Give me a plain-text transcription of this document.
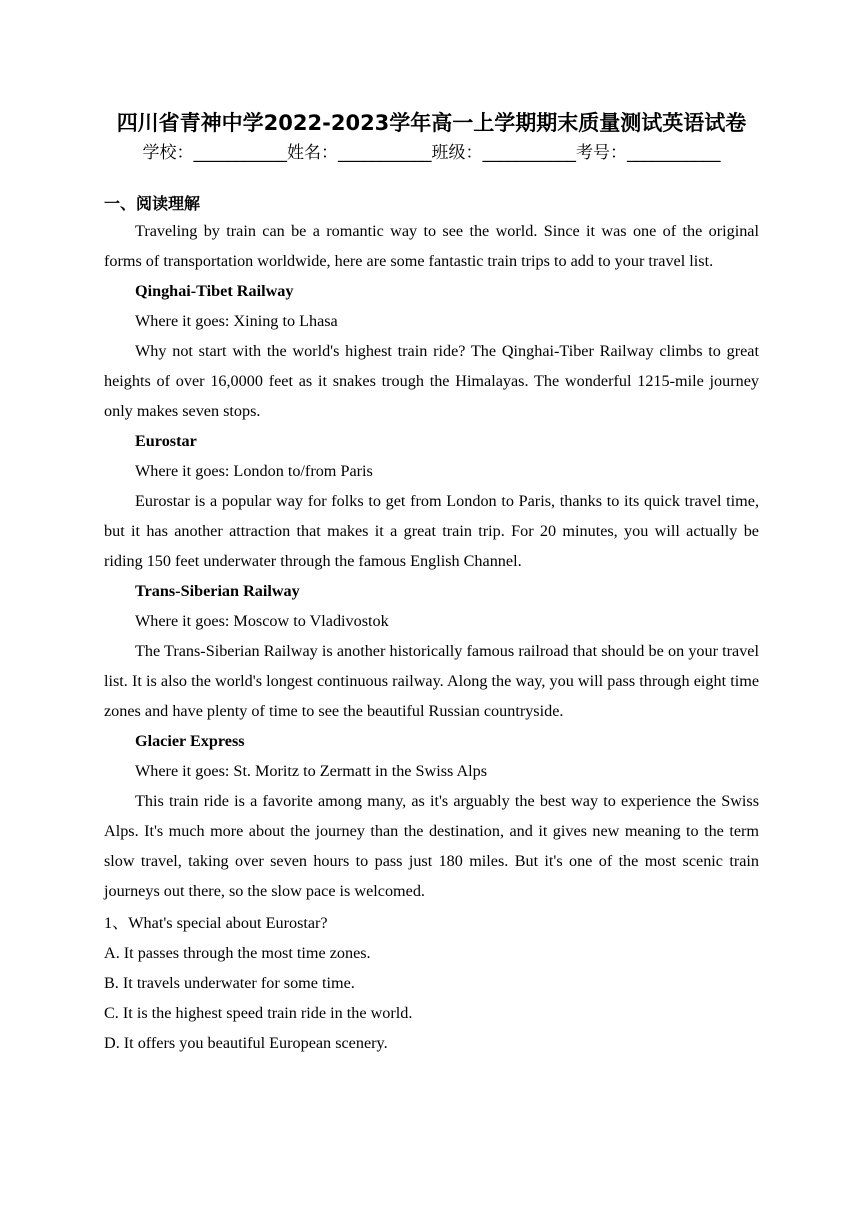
四川省青神中学2022-2023学年高一上学期期末质量测试英语试卷
学校：___________姓名：___________班级：___________考号：___________
一、阅读理解

Traveling by train can be a romantic way to see the world. Since it was one of the original forms of transportation worldwide, here are some fantastic train trips to add to your travel list.

Qinghai-Tibet Railway

Where it goes: Xining to Lhasa

Why not start with the world's highest train ride? The Qinghai-Tiber Railway climbs to great heights of over 16,0000 feet as it snakes trough the Himalayas. The wonderful 1215-mile journey only makes seven stops.

Eurostar

Where it goes: London to/from Paris

Eurostar is a popular way for folks to get from London to Paris, thanks to its quick travel time, but it has another attraction that makes it a great train trip. For 20 minutes, you will actually be riding 150 feet underwater through the famous English Channel.

Trans-Siberian Railway

Where it goes: Moscow to Vladivostok

The Trans-Siberian Railway is another historically famous railroad that should be on your travel list. It is also the world's longest continuous railway. Along the way, you will pass through eight time zones and have plenty of time to see the beautiful Russian countryside.

Glacier Express

Where it goes: St. Moritz to Zermatt in the Swiss Alps

This train ride is a favorite among many, as it's arguably the best way to experience the Swiss Alps. It's much more about the journey than the destination, and it gives new meaning to the term slow travel, taking over seven hours to pass just 180 miles. But it's one of the most scenic train journeys out there, so the slow pace is welcomed.

1、What's special about Eurostar?

A. It passes through the most time zones.

B. It travels underwater for some time.

C. It is the highest speed train ride in the world.

D. It offers you beautiful European scenery.
